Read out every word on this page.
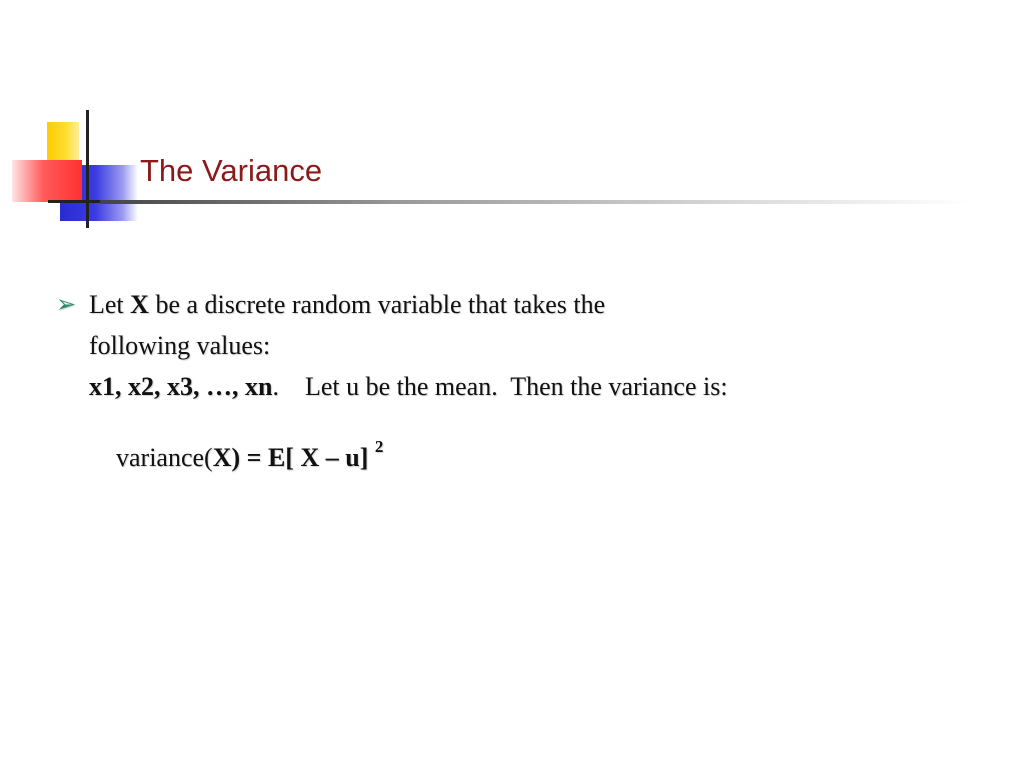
The Variance
➢ Let X be a discrete random variable that takes the
following values:
x1, x2, x3, …, xn.    Let u be the mean.  Then the variance is:
variance(X) = E[ X – u] $^2$
